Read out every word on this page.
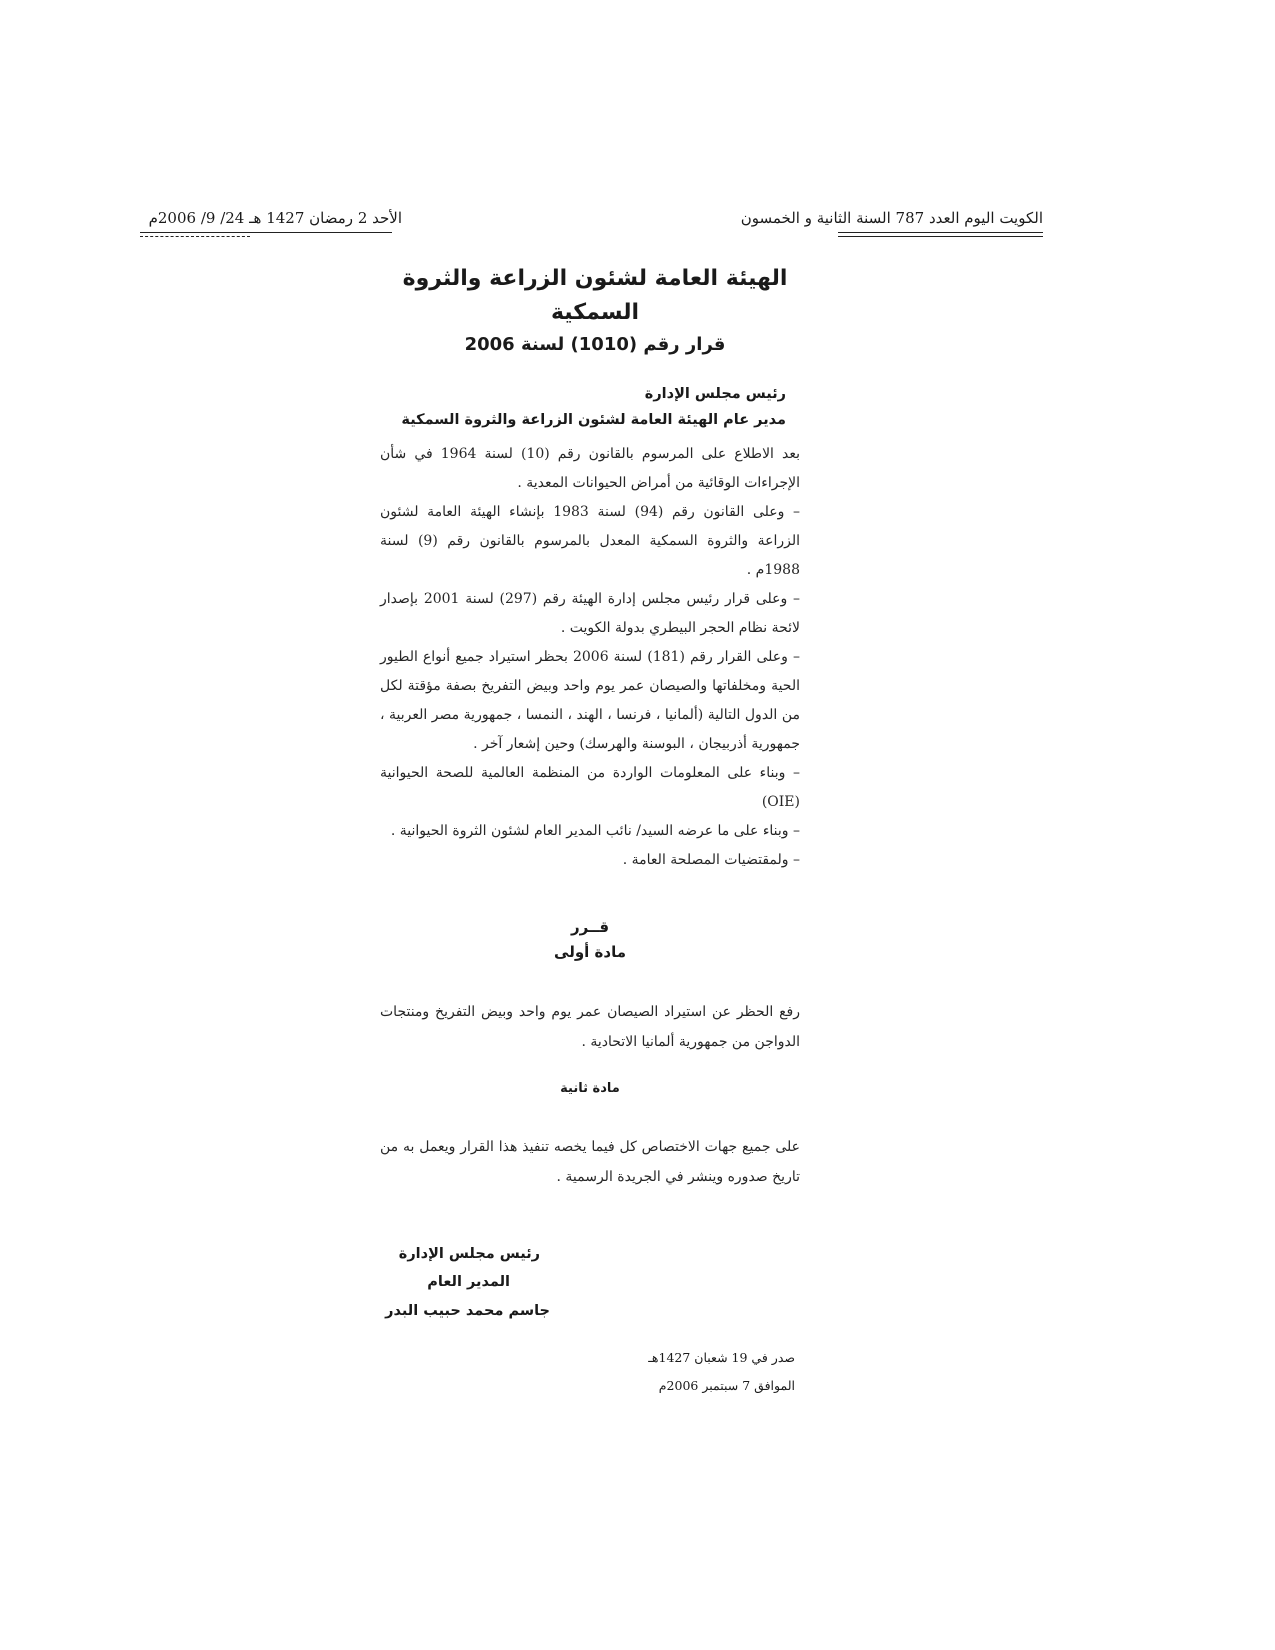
الأحد 2 رمضان 1427 هـ 24/ 9/ 2006م	الكويت اليوم العدد 787 السنة الثانية و الخمسون
الهيئة العامة لشئون الزراعة والثروة السمكية
قرار رقم (1010) لسنة 2006
رئيس مجلس الإدارة
مدير عام الهيئة العامة لشئون الزراعة والثروة السمكية

بعد الاطلاع على المرسوم بالقانون رقم (10) لسنة 1964 في شأن الإجراءات الوقائية من أمراض الحيوانات المعدية .

– وعلى القانون رقم (94) لسنة 1983 بإنشاء الهيئة العامة لشئون الزراعة والثروة السمكية المعدل بالمرسوم بالقانون رقم (9) لسنة 1988م .

– وعلى قرار رئيس مجلس إدارة الهيئة رقم (297) لسنة 2001 بإصدار لائحة نظام الحجر البيطري بدولة الكويت .

– وعلى القرار رقم (181) لسنة 2006 بحظر استيراد جميع أنواع الطيور الحية ومخلفاتها والصيصان عمر يوم واحد وبيض التفريخ بصفة مؤقتة لكل من الدول التالية (ألمانيا ، فرنسا ، الهند ، النمسا ، جمهورية مصر العربية ، جمهورية أذربيجان ، البوسنة والهرسك) وحين إشعار آخر .

– وبناء على المعلومات الواردة من المنظمة العالمية للصحة الحيوانية (OIE)

– وبناء على ما عرضه السيد/ نائب المدير العام لشئون الثروة الحيوانية .

– ولمقتضيات المصلحة العامة .

قــرر
مادة أولى
رفع الحظر عن استيراد الصيصان عمر يوم واحد وبيض التفريخ ومنتجات الدواجن من جمهورية ألمانيا الاتحادية .
مادة ثانية
على جميع جهات الاختصاص كل فيما يخصه تنفيذ هذا القرار ويعمل به من تاريخ صدوره وينشر في الجريدة الرسمية .
رئيس مجلس الإدارة
المدير العام
جاسم محمد حبيب البدر
صدر في 19 شعبان 1427هـ
الموافق 7 سبتمبر 2006م
